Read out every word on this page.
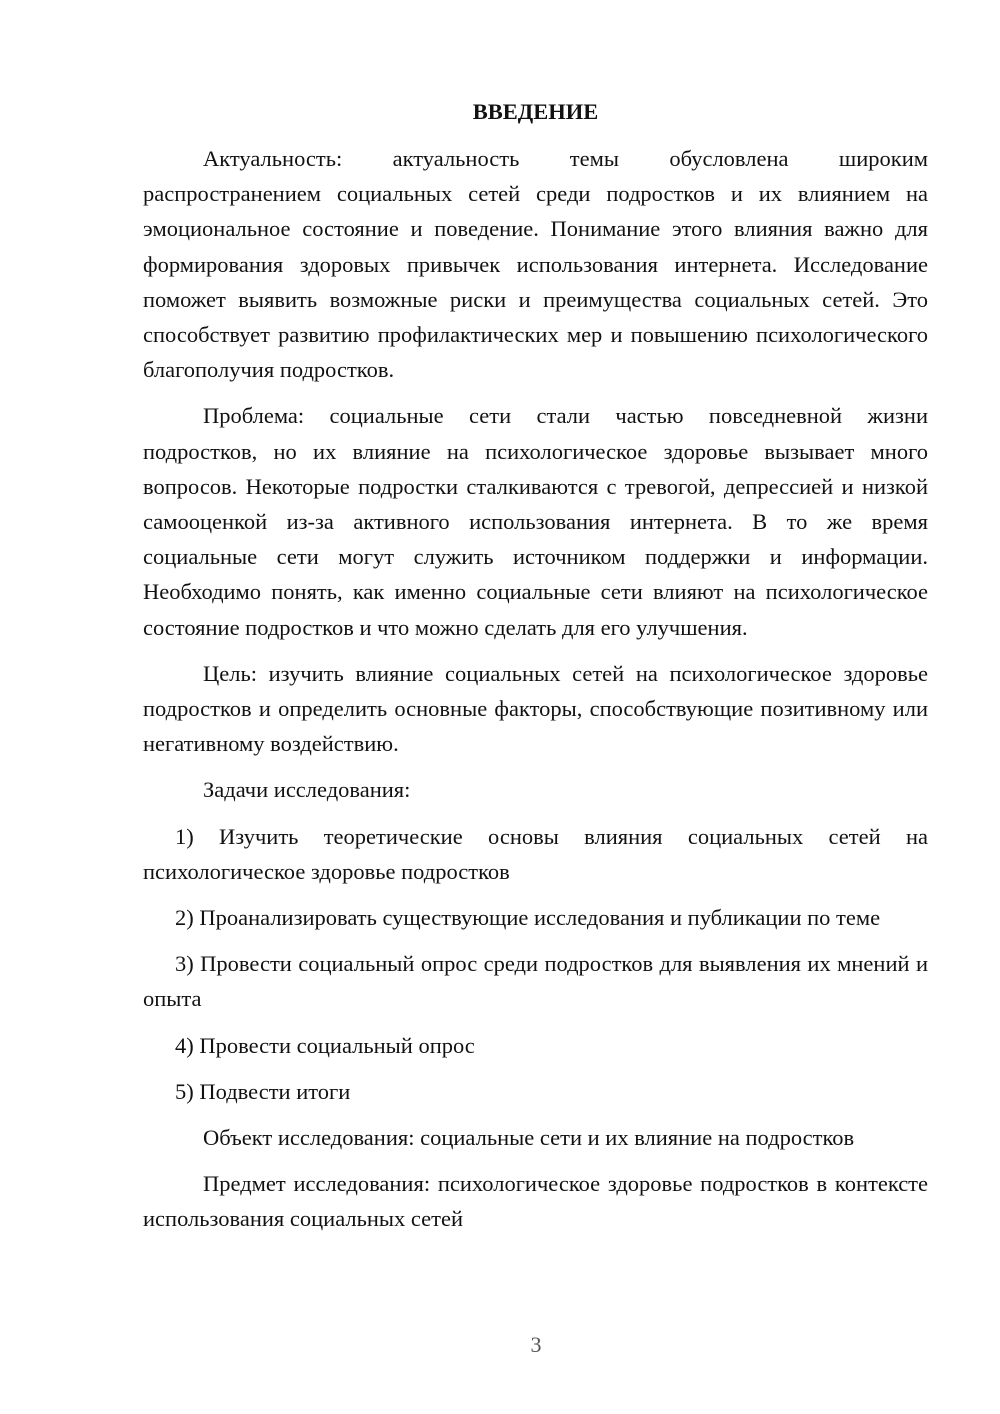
ВВЕДЕНИЕ

Актуальность: актуальность темы обусловлена широким распространением социальных сетей среди подростков и их влиянием на эмоциональное состояние и поведение. Понимание этого влияния важно для формирования здоровых привычек использования интернета. Исследование поможет выявить возможные риски и преимущества социальных сетей. Это способствует развитию профилактических мер и повышению психологического благополучия подростков.

Проблема: социальные сети стали частью повседневной жизни подростков, но их влияние на психологическое здоровье вызывает много вопросов. Некоторые подростки сталкиваются с тревогой, депрессией и низкой самооценкой из-за активного использования интернета. В то же время социальные сети могут служить источником поддержки и информации. Необходимо понять, как именно социальные сети влияют на психологическое состояние подростков и что можно сделать для его улучшения.

Цель: изучить влияние социальных сетей на психологическое здоровье подростков и определить основные факторы, способствующие позитивному или негативному воздействию.

Задачи исследования:

1) Изучить теоретические основы влияния социальных сетей на психологическое здоровье подростков

2) Проанализировать существующие исследования и публикации по теме

3) Провести социальный опрос среди подростков для выявления их мнений и опыта

4) Провести социальный опрос

5) Подвести итоги

Объект исследования: социальные сети и их влияние на подростков

Предмет исследования: психологическое здоровье подростков в контексте использования социальных сетей

3
